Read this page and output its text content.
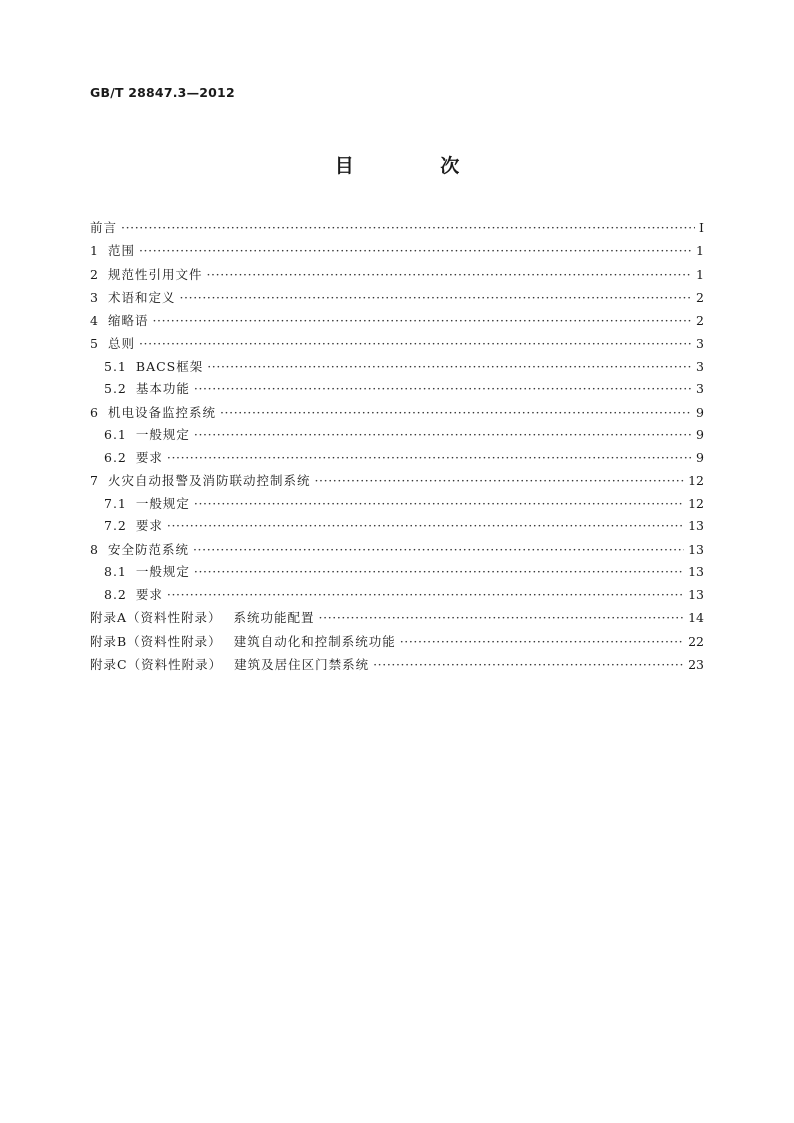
GB/T 28847.3—2012
目 次
前言 ·····	Ⅰ
1 范围 ·····	1
2 规范性引用文件 ·····	1
3 术语和定义 ·····	2
4 缩略语 ·····	2
5 总则 ·····	3
5.1 BACS框架 ·····	3
5.2 基本功能 ·····	3
6 机电设备监控系统 ·····	9
6.1 一般规定 ·····	9
6.2 要求 ·····	9
7 火灾自动报警及消防联动控制系统 ·····	12
7.1 一般规定 ·····	12
7.2 要求 ·····	13
8 安全防范系统 ·····	13
8.1 一般规定 ·····	13
8.2 要求 ·····	13
附录A（资料性附录） 系统功能配置 ·····	14
附录B（资料性附录） 建筑自动化和控制系统功能 ·····	22
附录C（资料性附录） 建筑及居住区门禁系统 ·····	23
